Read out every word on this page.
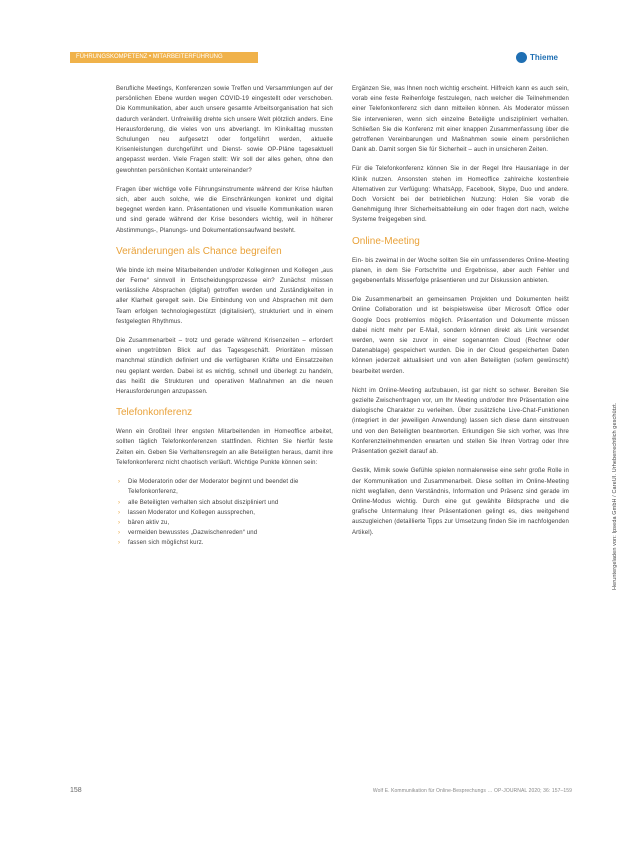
FÜHRUNGSKOMPETENZ • MITARBEITERFÜHRUNG	Thieme

Berufliche Meetings, Konferenzen sowie Treffen und Versammlungen auf der persönlichen Ebene wurden wegen COVID-19 eingestellt oder verschoben. Die Kommunikation, aber auch unsere gesamte Arbeitsorganisation hat sich dadurch verändert. Unfreiwillig drehte sich unsere Welt plötzlich anders. Eine Herausforderung, die vieles von uns abverlangt. Im Klinikalltag mussten Schulungen neu aufgesetzt oder fortgeführt werden, aktuelle Krisenleistungen durchgeführt und Dienst- sowie OP-Pläne tagesaktuell angepasst werden. Viele Fragen stellt: Wir soll der alles gehen, ohne den gewohnten persönlichen Kontakt untereinander?

Fragen über wichtige volle Führungsinstrumente während der Krise häuften sich, aber auch solche, wie die Einschränkungen konkret und digital begegnet werden kann. Präsentationen und visuelle Kommunikation waren und sind gerade während der Krise besonders wichtig, weil in höherer Abstimmungs-, Planungs- und Dokumentationsaufwand besteht.

Veränderungen als Chance begreifen

Wie binde ich meine Mitarbeitenden und/oder Kolleginnen und Kollegen „aus der Ferne“ sinnvoll in Entscheidungsprozesse ein? Zunächst müssen verlässliche Absprachen (digital) getroffen werden und Zuständigkeiten in aller Klarheit geregelt sein. Die Einbindung von und Absprachen mit dem Team erfolgen technologiegestützt (digitalisiert), strukturiert und in einem festgelegten Rhythmus.

Die Zusammenarbeit – trotz und gerade während Krisenzeiten – erfordert einen ungetrübten Blick auf das Tagesgeschäft. Prioritäten müssen manchmal stündlich definiert und die verfügbaren Kräfte und Einsatzzeiten neu geplant werden. Dabei ist es wichtig, schnell und überlegt zu handeln, das heißt die Strukturen und operativen Maßnahmen an die neuen Herausforderungen anzupassen.

Telefonkonferenz

Wenn ein Großteil Ihrer engsten Mitarbeitenden im Homeoffice arbeitet, sollten täglich Telefonkonferenzen stattfinden. Richten Sie hierfür feste Zeiten ein. Geben Sie Verhaltensregeln an alle Beteiligten heraus, damit ihre Telefonkonferenz nicht chaotisch verläuft. Wichtige Punkte können sein:

› Die Moderatorin oder der Moderator beginnt und beendet die Telefonkonferenz,
› alle Beteiligten verhalten sich absolut diszipliniert und
› lassen Moderator und Kollegen aussprechen,
› bären aktiv zu,
› vermeiden bewusstes „Dazwischenreden“ und
› fassen sich möglichst kurz.

Ergänzen Sie, was Ihnen noch wichtig erscheint. Hilfreich kann es auch sein, vorab eine feste Reihenfolge festzulegen, nach welcher die Teilnehmenden einer Telefonkonferenz sich dann mitteilen können. Als Moderator müssen Sie intervenieren, wenn sich einzelne Beteiligte undiszipliniert verhalten. Schließen Sie die Konferenz mit einer knappen Zusammenfassung über die getroffenen Vereinbarungen und Maßnahmen sowie einem persönlichen Dank ab. Damit sorgen Sie für Sicherheit – auch in unsicheren Zeiten.

Für die Telefonkonferenz können Sie in der Regel Ihre Hausanlage in der Klinik nutzen. Ansonsten stehen im Homeoffice zahlreiche kostenfreie Alternativen zur Verfügung: WhatsApp, Facebook, Skype, Duo und andere. Doch Vorsicht bei der betrieblichen Nutzung: Holen Sie vorab die Genehmigung Ihrer Sicherheitsabteilung ein oder fragen dort nach, welche Systeme freigegeben sind.

Online-Meeting

Ein- bis zweimal in der Woche sollten Sie ein umfassenderes Online-Meeting planen, in dem Sie Fortschritte und Ergebnisse, aber auch Fehler und gegebenenfalls Misserfolge präsentieren und zur Diskussion anbieten.

Die Zusammenarbeit an gemeinsamen Projekten und Dokumenten heißt Online Collaboration und ist beispielsweise über Microsoft Office oder Google Docs problemlos möglich. Präsentation und Dokumente müssen dabei nicht mehr per E-Mail, sondern können direkt als Link versendet werden, wenn sie zuvor in einer sogenannten Cloud (Rechner oder Datenablage) gespeichert wurden. Die in der Cloud gespeicherten Daten können jederzeit aktualisiert und von allen Beteiligten (sofern gewünscht) bearbeitet werden.

Nicht im Online-Meeting aufzubauen, ist gar nicht so schwer. Bereiten Sie gezielte Zwischenfragen vor, um Ihr Meeting und/oder Ihre Präsentation eine dialogische Charakter zu verleihen. Über zusätzliche Live-Chat-Funktionen (integriert in der jeweiligen Anwendung) lassen sich diese dann einstreuen und von den Beteiligten beantworten. Erkundigen Sie sich vorher, was Ihre Konferenzteilnehmenden erwarten und stellen Sie Ihren Vortrag oder Ihre Präsentation gezielt darauf ab.

Gestik, Mimik sowie Gefühle spielen normalerweise eine sehr große Rolle in der Kommunikation und Zusammenarbeit. Diese sollten im Online-Meeting nicht wegfallen, denn Verständnis, Information und Präsenz sind gerade im Online-Modus wichtig. Durch eine gut gewählte Bildsprache und die grafische Untermalung Ihrer Präsentationen gelingt es, dies weitgehend auszugleichen (detaillierte Tipps zur Umsetzung finden Sie im nachfolgenden Artikel).	Heruntergeladen von: Ipseda GmbH / CareUI. Urheberrechtlich geschützt.
158	Wolf E. Kommunikation für Online-Besprechungs … OP-JOURNAL 2020; 36: 157–159
